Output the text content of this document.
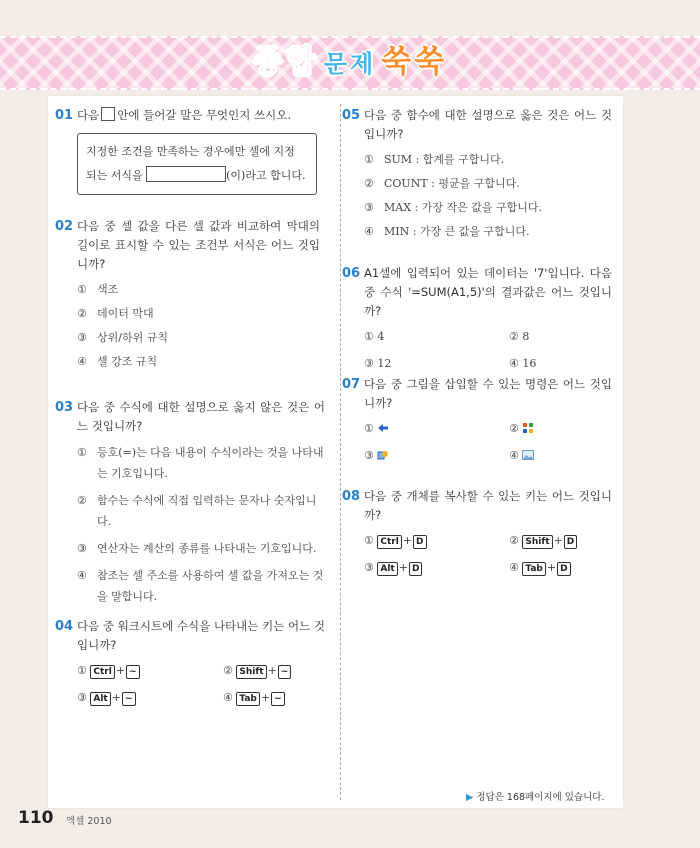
종합 문제 쑥쑥
01 다음 안에 들어갈 말은 무엇인지 쓰시오.
지정한 조건을 만족하는 경우에만 셀에 지정
되는 서식을	(이)라고 합니다.
02 다음 중 셀 값을 다른 셀 값과 비교하여 막대의 길이로 표시할 수 있는 조건부 서식은 어느 것입니까?
① 색조
② 데이터 막대
③ 상위/하위 규칙
④ 셀 강조 규칙
03 다음 중 수식에 대한 설명으로 옳지 않은 것은 어느 것입니까?
① 등호(=)는 다음 내용이 수식이라는 것을 나타내는 기호입니다.
② 함수는 수식에 직접 입력하는 문자나 숫자입니다.
③ 연산자는 계산의 종류를 나타내는 기호입니다.
④ 참조는 셀 주소를 사용하여 셀 값을 가져오는 것을 말합니다.
04 다음 중 워크시트에 수식을 나타내는 키는 어느 것입니까?
① Ctrl + ~	② Shift + ~
③ Alt + ~	④ Tab + ~
05 다음 중 함수에 대한 설명으로 옳은 것은 어느 것입니까?
① SUM : 합계를 구합니다.
② COUNT : 평균을 구합니다.
③ MAX : 가장 작은 값을 구합니다.
④ MIN : 가장 큰 값을 구합니다.
06 A1셀에 입력되어 있는 데이터는 '7'입니다. 다음 중 수식 '=SUM(A1,5)'의 결과값은 어느 것입니까?
① 4	② 8
③ 12	④ 16
07 다음 중 그림을 삽입할 수 있는 명령은 어느 것입니까?
①	②
③	④
08 다음 중 개체를 복사할 수 있는 키는 어느 것입니까?
① Ctrl + D	② Shift + D
③ Alt + D	④ Tab + D
▶ 정답은 168페이지에 있습니다.
110 엑셀 2010
